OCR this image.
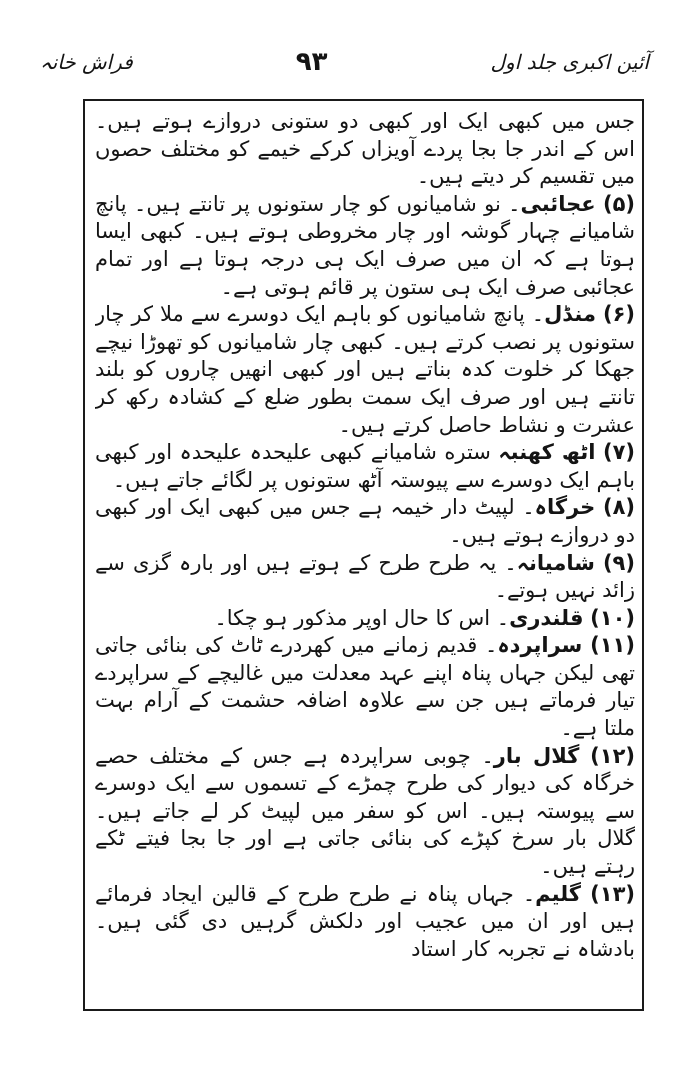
فراش خانہ	۹۳	آئین اکبری جلد اول

جس میں کبھی ایک اور کبھی دو ستونی دروازے ہوتے ہیں۔ اس کے اندر جا بجا پردے آویزاں کرکے خیمے کو مختلف حصوں میں تقسیم کر دیتے ہیں۔

(۵) عجائبی۔ نو شامیانوں کو چار ستونوں پر تانتے ہیں۔ پانچ شامیانے چہار گوشہ اور چار مخروطی ہوتے ہیں۔ کبھی ایسا ہوتا ہے کہ ان میں صرف ایک ہی درجہ ہوتا ہے اور تمام عجائبی صرف ایک ہی ستون پر قائم ہوتی ہے۔

(۶) منڈل۔ پانچ شامیانوں کو باہم ایک دوسرے سے ملا کر چار ستونوں پر نصب کرتے ہیں۔ کبھی چار شامیانوں کو تھوڑا نیچے جھکا کر خلوت کدہ بناتے ہیں اور کبھی انھیں چاروں کو بلند تانتے ہیں اور صرف ایک سمت بطور ضلع کے کشادہ رکھ کر عشرت و نشاط حاصل کرتے ہیں۔

(۷) اٹھ کھنبہ ستره شامیانے کبھی علیحدہ علیحدہ اور کبھی باہم ایک دوسرے سے پیوستہ آٹھ ستونوں پر لگائے جاتے ہیں۔

(۸) خرگاہ۔ لپیٹ دار خیمہ ہے جس میں کبھی ایک اور کبھی دو دروازے ہوتے ہیں۔

(۹) شامیانہ۔ یہ طرح طرح کے ہوتے ہیں اور بارہ گزی سے زائد نہیں ہوتے۔

(۱۰) قلندری۔ اس کا حال اوپر مذکور ہو چکا۔

(۱۱) سراپردہ۔ قدیم زمانے میں کھردرے ٹاٹ کی بنائی جاتی تھی لیکن جہاں پناہ اپنے عہد معدلت میں غالیچے کے سراپردے تیار فرماتے ہیں جن سے علاوہ اضافہ حشمت کے آرام بہت ملتا ہے۔

(۱۲) گلال بار۔ چوبی سراپردہ ہے جس کے مختلف حصے خرگاہ کی دیوار کی طرح چمڑے کے تسموں سے ایک دوسرے سے پیوستہ ہیں۔ اس کو سفر میں لپیٹ کر لے جاتے ہیں۔ گلال بار سرخ کپڑے کی بنائی جاتی ہے اور جا بجا فیتے ٹکے رہتے ہیں۔

(۱۳) گلیم۔ جہاں پناہ نے طرح طرح کے قالین ایجاد فرمائے ہیں اور ان میں عجیب اور دلکش گرہیں دی گئی ہیں۔ بادشاہ نے تجربہ کار استاد
